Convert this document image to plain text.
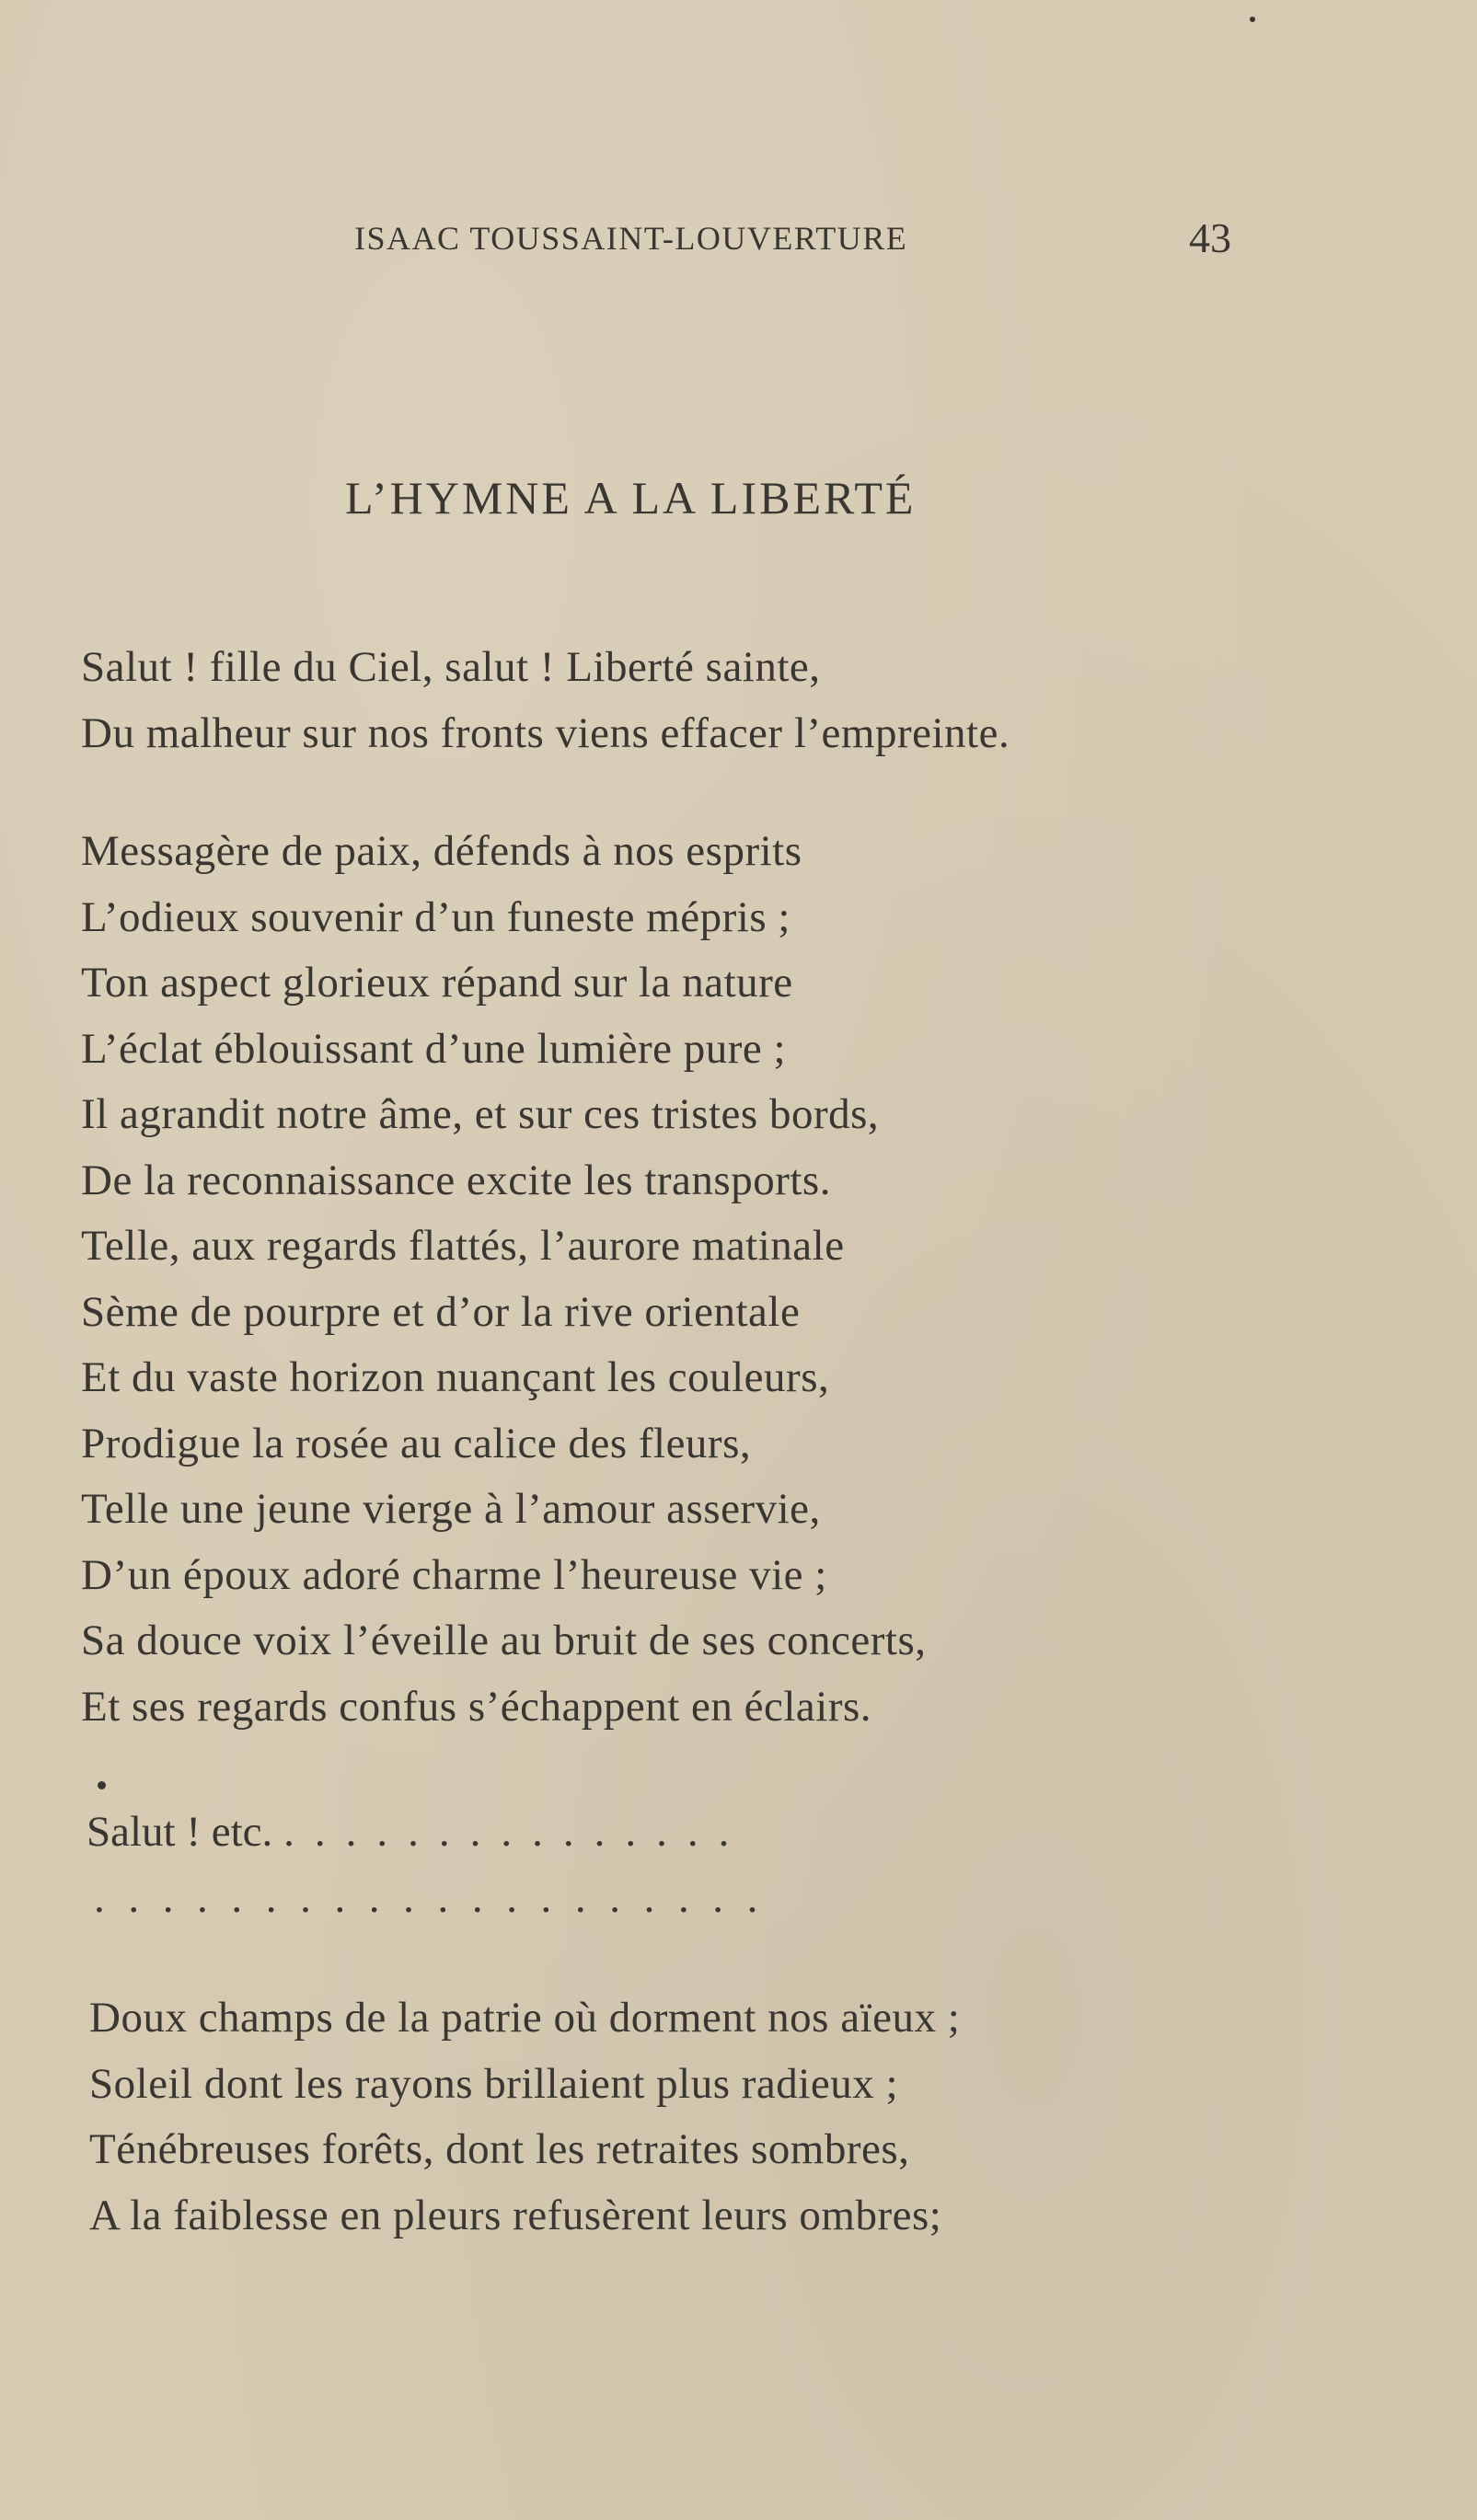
ISAAC TOUSSAINT-LOUVERTURE	43
L’HYMNE A LA LIBERTÉ
Salut ! fille du Ciel, salut ! Liberté sainte,
Du malheur sur nos fronts viens effacer l’empreinte.
Messagère de paix, défends à nos esprits
L’odieux souvenir d’un funeste mépris ;
Ton aspect glorieux répand sur la nature
L’éclat éblouissant d’une lumière pure ;
Il agrandit notre âme, et sur ces tristes bords,
De la reconnaissance excite les transports.
Telle, aux regards flattés, l’aurore matinale
Sème de pourpre et d’or la rive orientale
Et du vaste horizon nuançant les couleurs,
Prodigue la rosée au calice des fleurs,
Telle une jeune vierge à l’amour asservie,
D’un époux adoré charme l’heureuse vie ;
Sa douce voix l’éveille au bruit de ses concerts,
Et ses regards confus s’échappent en éclairs.
Salut ! etc. ...............
....................
Doux champs de la patrie où dorment nos aïeux ;
Soleil dont les rayons brillaient plus radieux ;
Ténébreuses forêts, dont les retraites sombres,
A la faiblesse en pleurs refusèrent leurs ombres;
